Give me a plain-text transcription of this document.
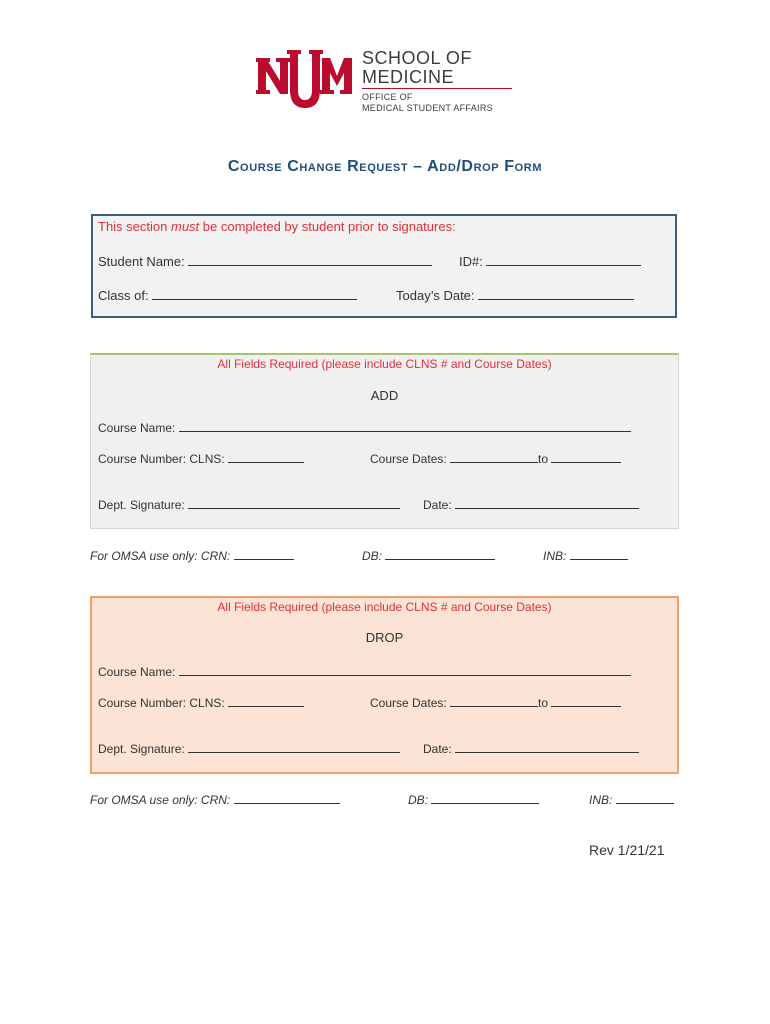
SCHOOL OF
MEDICINE
OFFICE OF
MEDICAL STUDENT AFFAIRS
Course Change Request – Add/Drop Form
This section must be completed by student prior to signatures:
Student Name:	ID#:
Class of:	Today’s Date:
All Fields Required (please include CLNS # and Course Dates)
ADD
Course Name:
Course Number: CLNS:	Course Dates:	to
Dept. Signature:	Date:
For OMSA use only: CRN:	DB:	INB:
All Fields Required (please include CLNS # and Course Dates)
DROP
Course Name:
Course Number: CLNS:	Course Dates:	to
Dept. Signature:	Date:
For OMSA use only: CRN:	DB:	INB:
Rev 1/21/21
